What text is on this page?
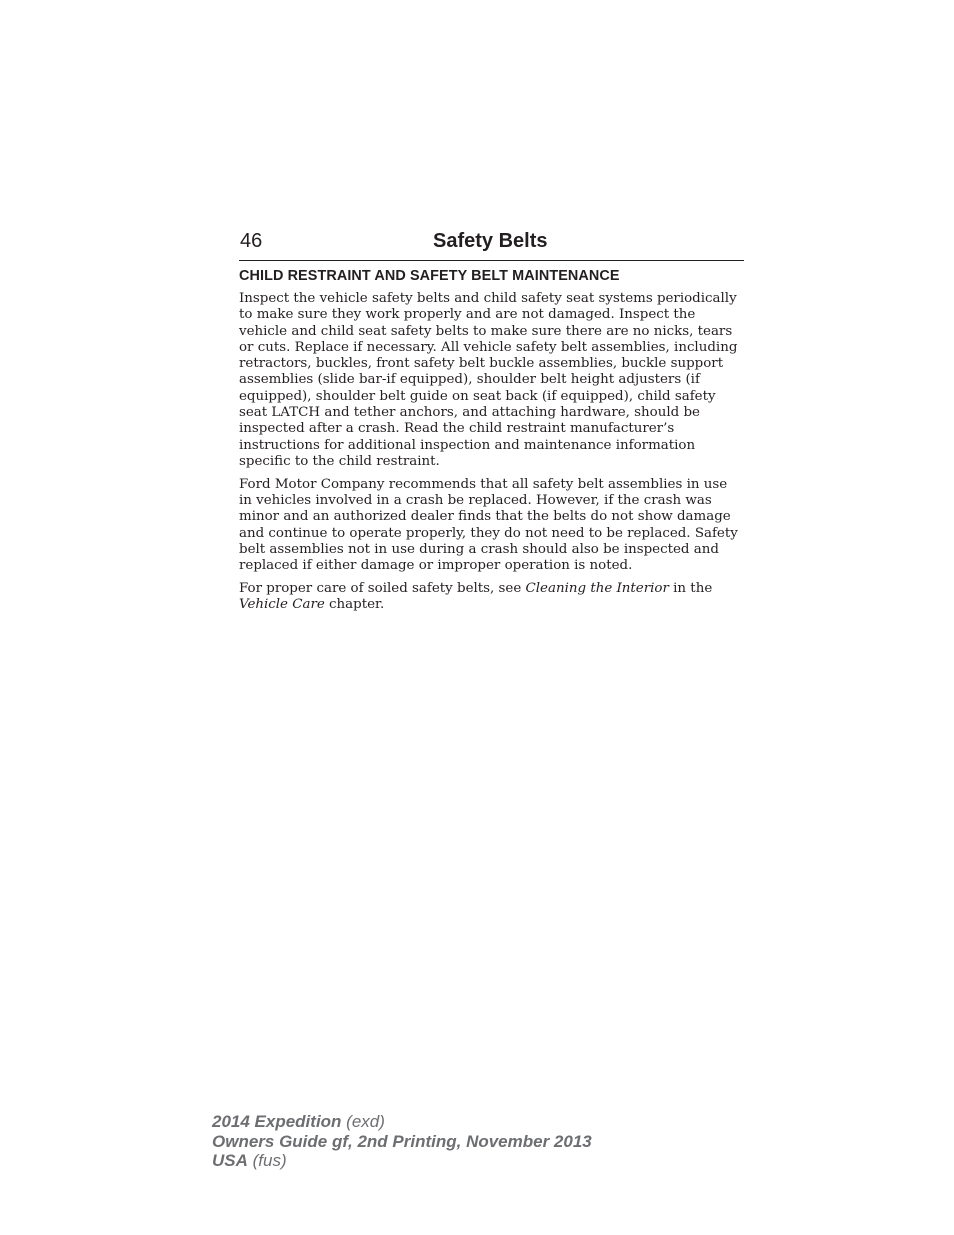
46	Safety Belts
CHILD RESTRAINT AND SAFETY BELT MAINTENANCE

Inspect the vehicle safety belts and child safety seat systems periodically to make sure they work properly and are not damaged. Inspect the vehicle and child seat safety belts to make sure there are no nicks, tears or cuts. Replace if necessary. All vehicle safety belt assemblies, including retractors, buckles, front safety belt buckle assemblies, buckle support assemblies (slide bar-if equipped), shoulder belt height adjusters (if equipped), shoulder belt guide on seat back (if equipped), child safety seat LATCH and tether anchors, and attaching hardware, should be inspected after a crash. Read the child restraint manufacturer’s instructions for additional inspection and maintenance information specific to the child restraint.

Ford Motor Company recommends that all safety belt assemblies in use in vehicles involved in a crash be replaced. However, if the crash was minor and an authorized dealer finds that the belts do not show damage and continue to operate properly, they do not need to be replaced. Safety belt assemblies not in use during a crash should also be inspected and replaced if either damage or improper operation is noted.

For proper care of soiled safety belts, see Cleaning the Interior in the Vehicle Care chapter.

2014 Expedition (exd)
Owners Guide gf, 2nd Printing, November 2013
USA (fus)
